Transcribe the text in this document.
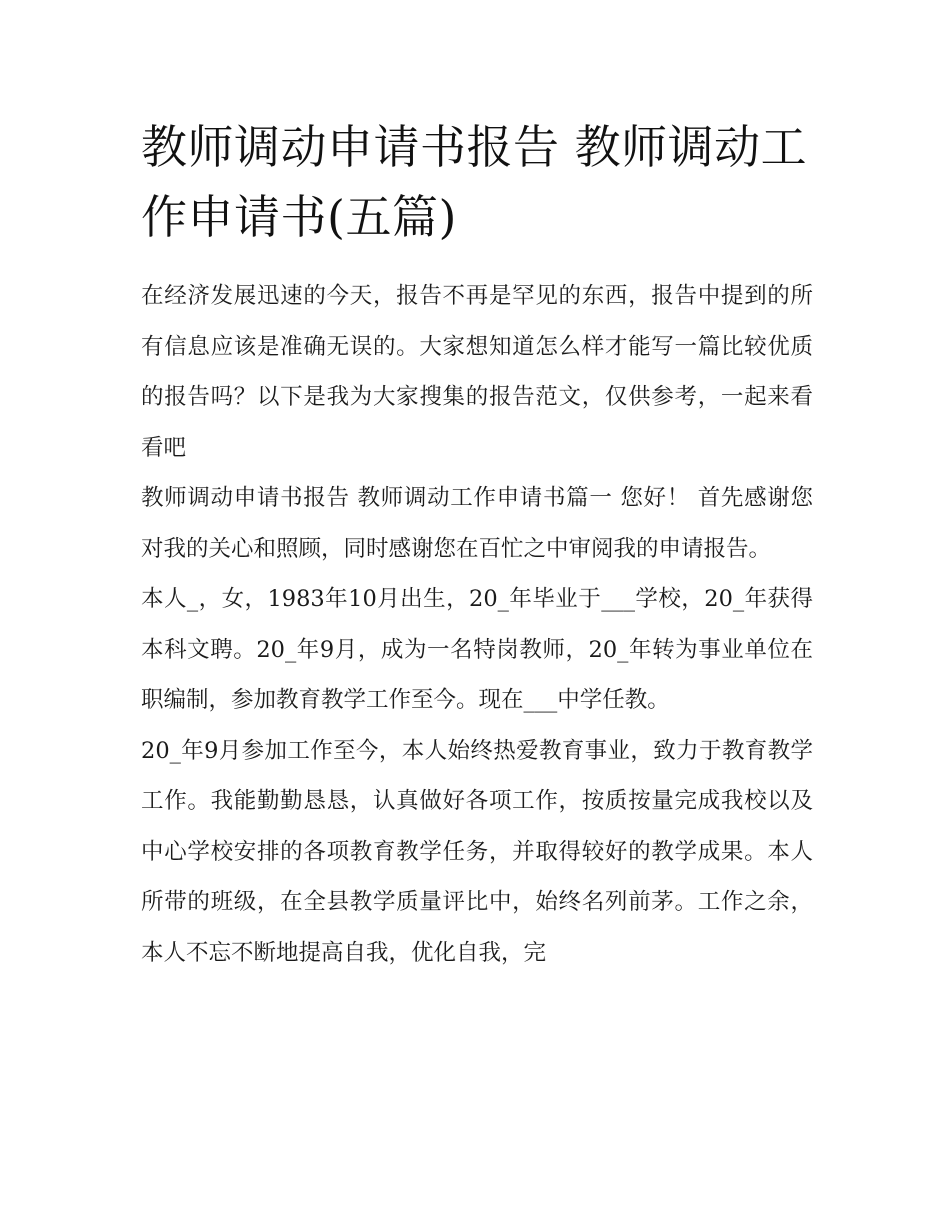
教师调动申请书报告 教师调动工作申请书(五篇)

在经济发展迅速的今天，报告不再是罕见的东西，报告中提到的所有信息应该是准确无误的。大家想知道怎么样才能写一篇比较优质的报告吗？以下是我为大家搜集的报告范文，仅供参考，一起来看看吧

教师调动申请书报告 教师调动工作申请书篇一 您好！ 首先感谢您对我的关心和照顾，同时感谢您在百忙之中审阅我的申请报告。

本人_，女，1983年10月出生，20_年毕业于___学校，20_年获得本科文聘。20_年9月，成为一名特岗教师，20_年转为事业单位在职编制，参加教育教学工作至今。现在___中学任教。

20_年9月参加工作至今，本人始终热爱教育事业，致力于教育教学工作。我能勤勤恳恳，认真做好各项工作，按质按量完成我校以及中心学校安排的各项教育教学任务，并取得较好的教学成果。本人所带的班级，在全县教学质量评比中，始终名列前茅。工作之余，本人不忘不断地提高自我，优化自我，完
